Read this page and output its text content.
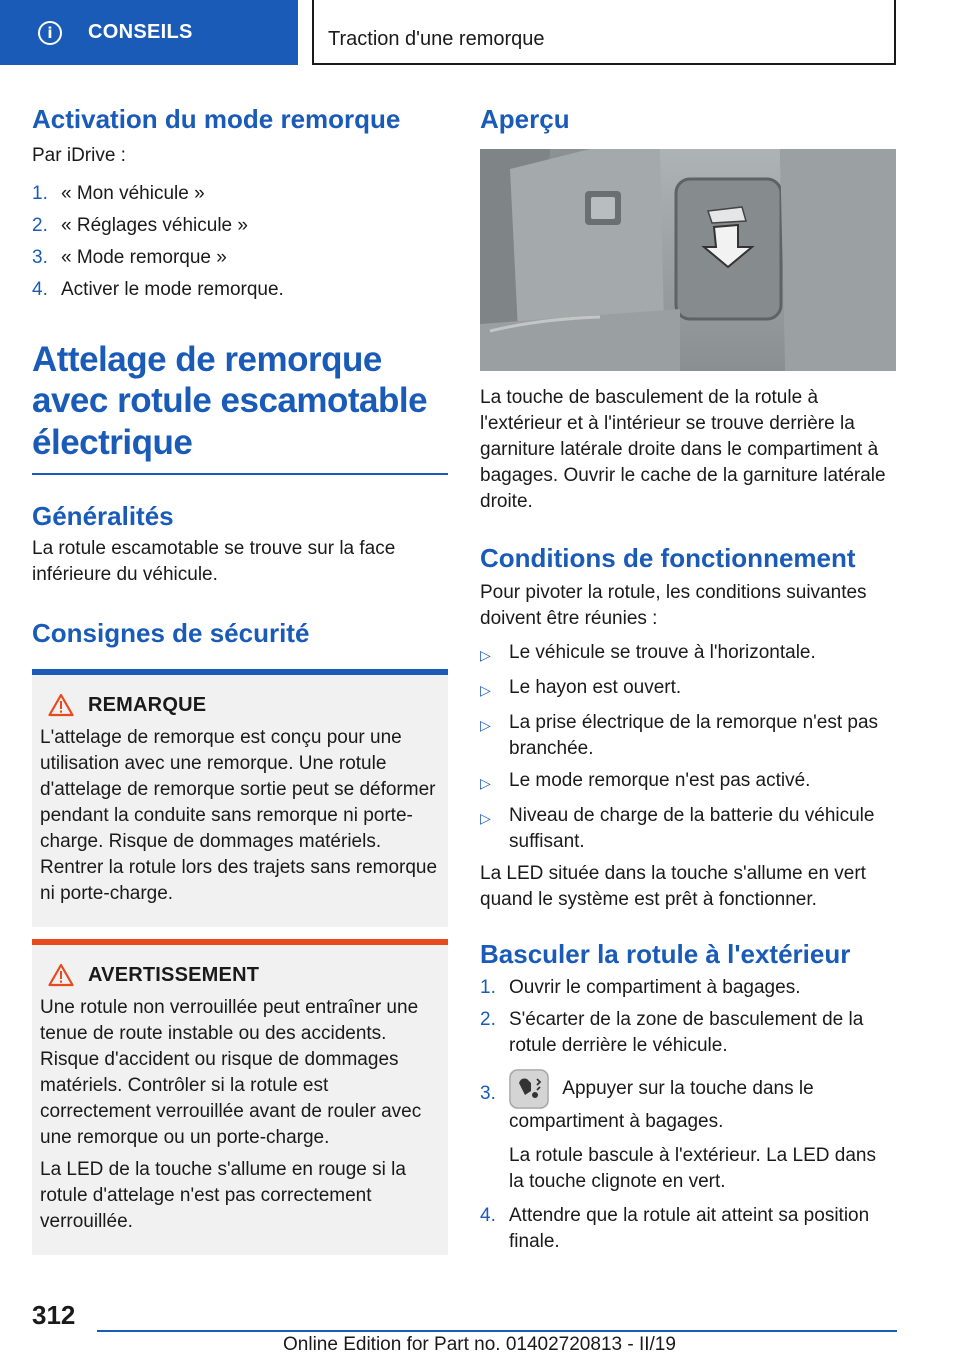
i	CONSEILS	Traction d'une remorque
Activation du mode remorque

Par iDrive :

1. « Mon véhicule »
2. « Réglages véhicule »
3. « Mode remorque »
4. Activer le mode remorque.
Attelage de remorque avec rotule escamotable électrique
Généralités

La rotule escamotable se trouve sur la face inférieure du véhicule.

Consignes de sécurité
REMARQUE

L'attelage de remorque est conçu pour une utilisation avec une remorque. Une rotule d'attelage de remorque sortie peut se déformer pendant la conduite sans remorque ni porte-charge. Risque de dommages matériels. Rentrer la rotule lors des trajets sans remorque ni porte-charge.

AVERTISSEMENT

Une rotule non verrouillée peut entraîner une tenue de route instable ou des accidents. Risque d'accident ou risque de dommages matériels. Contrôler si la rotule est correctement verrouillée avant de rouler avec une remorque ou un porte-charge.

La LED de la touche s'allume en rouge si la rotule d'attelage n'est pas correctement verrouillée.

Aperçu

La touche de basculement de la rotule à l'extérieur et à l'intérieur se trouve derrière la garniture latérale droite dans le compartiment à bagages. Ouvrir le cache de la garniture latérale droite.

Conditions de fonctionnement

Pour pivoter la rotule, les conditions suivantes doivent être réunies :

▷ Le véhicule se trouve à l'horizontale.
▷ Le hayon est ouvert.
▷ La prise électrique de la remorque n'est pas branchée.
▷ Le mode remorque n'est pas activé.
▷ Niveau de charge de la batterie du véhicule suffisant.

La LED située dans la touche s'allume en vert quand le système est prêt à fonctionner.

Basculer la rotule à l'extérieur
1. Ouvrir le compartiment à bagages.
2. S'écarter de la zone de basculement de la rotule derrière le véhicule.
3.	Appuyer sur la touche dans le compartiment à bagages.

La rotule bascule à l'extérieur. La LED dans la touche clignote en vert.

4. Attendre que la rotule ait atteint sa position finale.
312
Online Edition for Part no. 01402720813 - II/19
